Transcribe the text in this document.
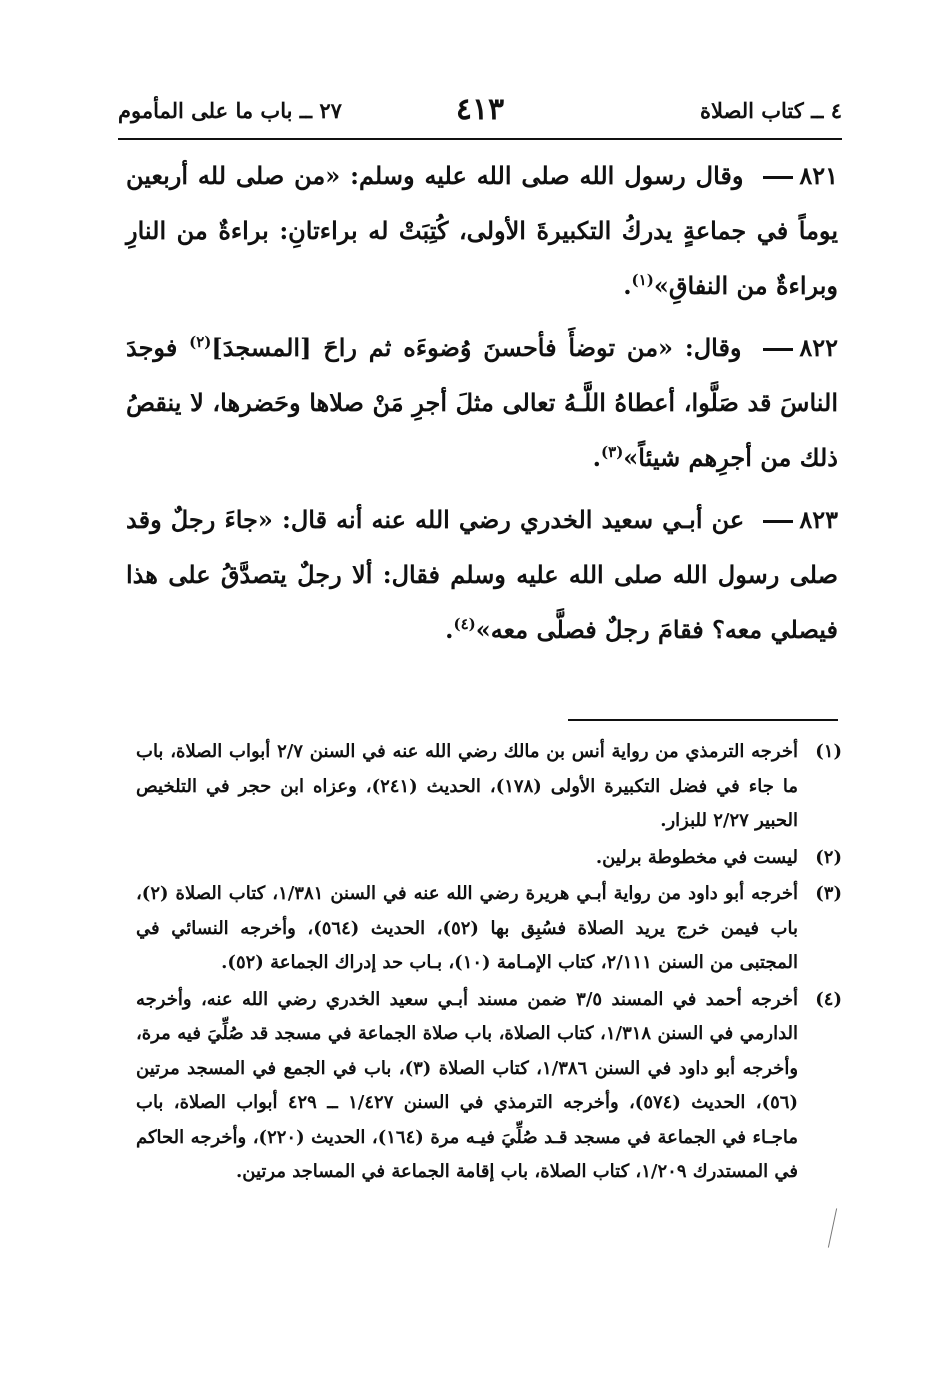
٤ ــ كتاب الصلاة
٤١٣
٢٧ ــ باب ما على المأموم
٨٢١ وقال رسول الله صلى الله عليه وسلم: «من صلى لله أربعين يوماً في جماعةٍ يدركُ التكبيرةَ الأولى، كُتِبَتْ له براءتانِ: براءةٌ من النارِ وبراءةٌ من النفاقِ»$^{(١)}$.
٨٢٢ وقال: «من توضأَ فأحسنَ وُضوءَه ثم راحَ [المسجدَ]$^{(٢)}$ فوجدَ الناسَ قد صَلَّوا، أعطاهُ اللَّـهُ تعالى مثلَ أجرِ مَنْ صلاها وحَضرها، لا ينقصُ ذلك من أجرِهم شيئاً»$^{(٣)}$.
٨٢٣ عن أبـي سعيد الخدري رضي الله عنه أنه قال: «جاءَ رجلٌ وقد صلى رسول الله صلى الله عليه وسلم فقال: ألا رجلٌ يتصدَّقُ على هذا فيصلي معه؟ فقامَ رجلٌ فصلَّى معه»$^{(٤)}$.
(١)
أخرجه الترمذي من رواية أنس بن مالك رضي الله عنه في السنن ٢/٧ أبواب الصلاة، باب ما جاء في فضل التكبيرة الأولى (١٧٨)، الحديث (٢٤١)، وعزاه ابن حجر في التلخيص الحبير ٢/٢٧ للبزار.
(٢)
ليست في مخطوطة برلين.
(٣)
أخرجه أبو داود من رواية أبـي هريرة رضي الله عنه في السنن ١/٣٨١، كتاب الصلاة (٢)، باب فيمن خرج يريد الصلاة فسُبِق بها (٥٢)، الحديث (٥٦٤)، وأخرجه النسائي في المجتبى من السنن ٢/١١١، كتاب الإمـامة (١٠)، بـاب حد إدراك الجماعة (٥٢).
(٤)
أخرجه أحمد في المسند ٣/٥ ضمن مسند أبـي سعيد الخدري رضي الله عنه، وأخرجه الدارمي في السنن ١/٣١٨، كتاب الصلاة، باب صلاة الجماعة في مسجد قد صُلِّيَ فيه مرة، وأخرجه أبو داود في السنن ١/٣٨٦، كتاب الصلاة (٣)، باب في الجمع في المسجد مرتين (٥٦)، الحديث (٥٧٤)، وأخرجه الترمذي في السنن ١/٤٢٧ ــ ٤٢٩ أبواب الصلاة، باب ماجـاء في الجماعة في مسجد قـد صُلِّيَ فيـه مرة (١٦٤)، الحديث (٢٢٠)، وأخرجه الحاكم في المستدرك ١/٢٠٩، كتاب الصلاة، باب إقامة الجماعة في المساجد مرتين.
